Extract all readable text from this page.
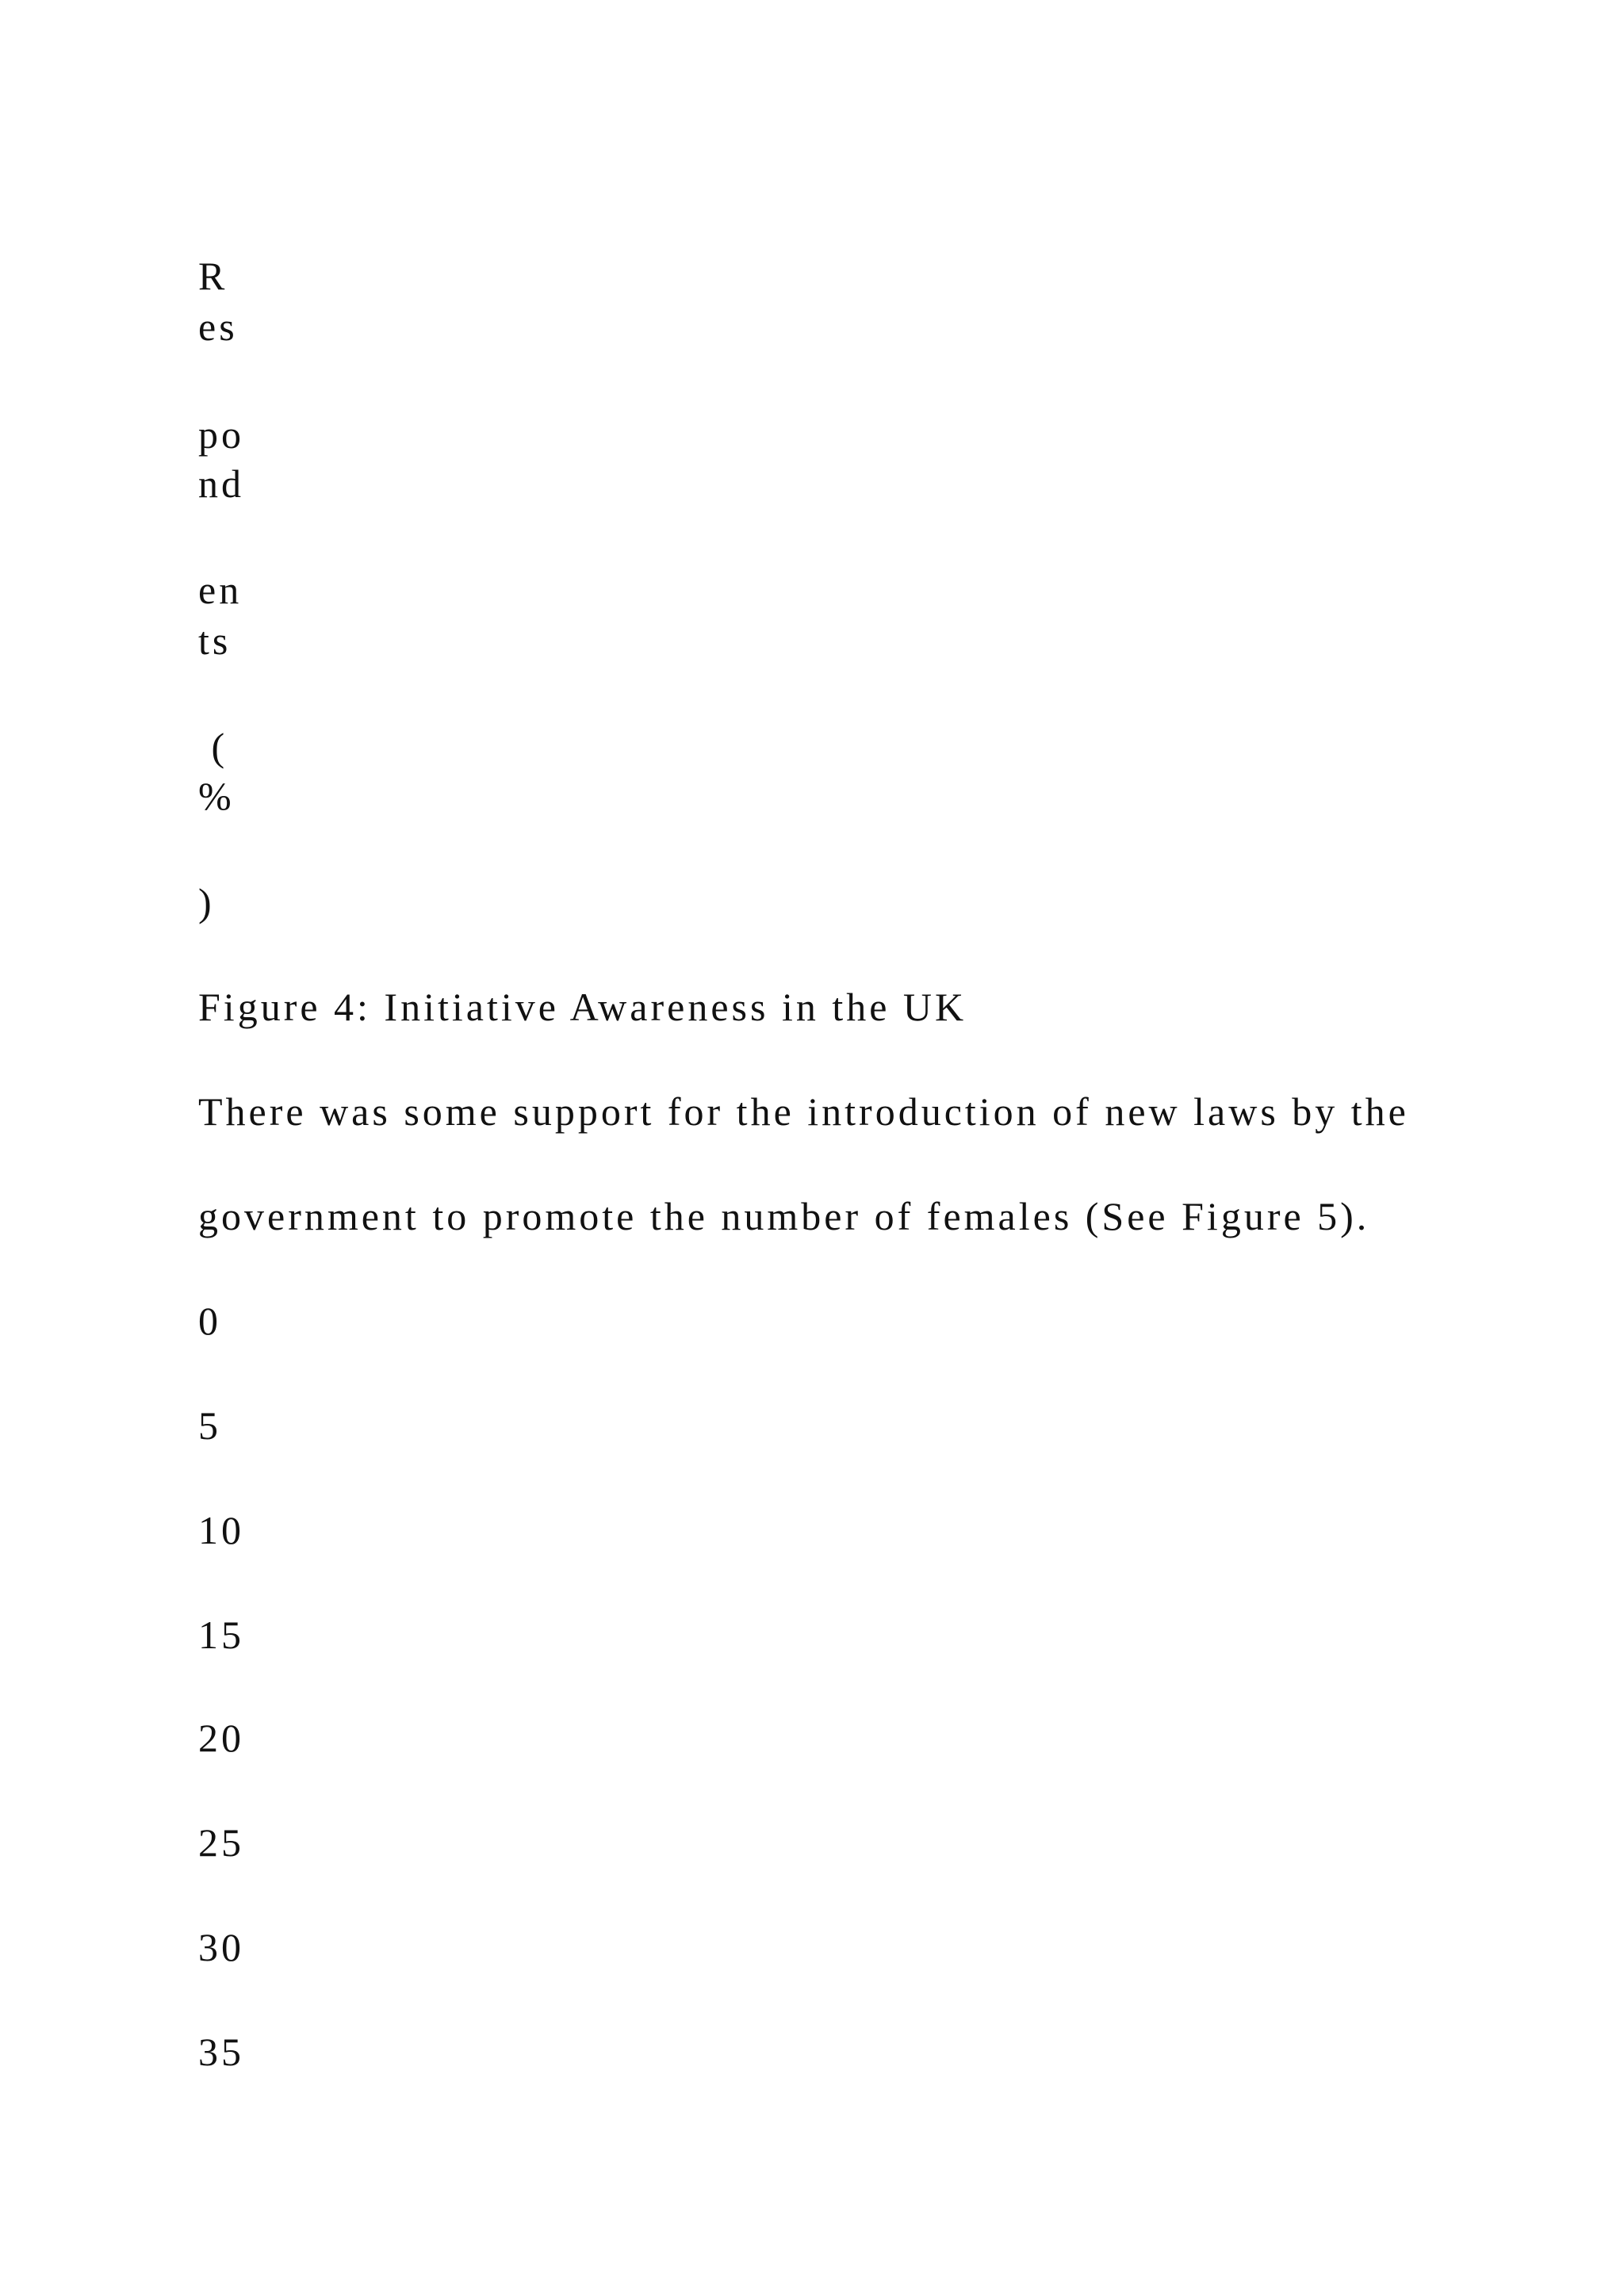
R

es

po

nd

en

ts

(

%

)

Figure 4: Initiative Awareness in the UK

There was some support for the introduction of new laws by the

government to promote the number of females (See Figure 5).

0

5

10

15

20

25

30

35
